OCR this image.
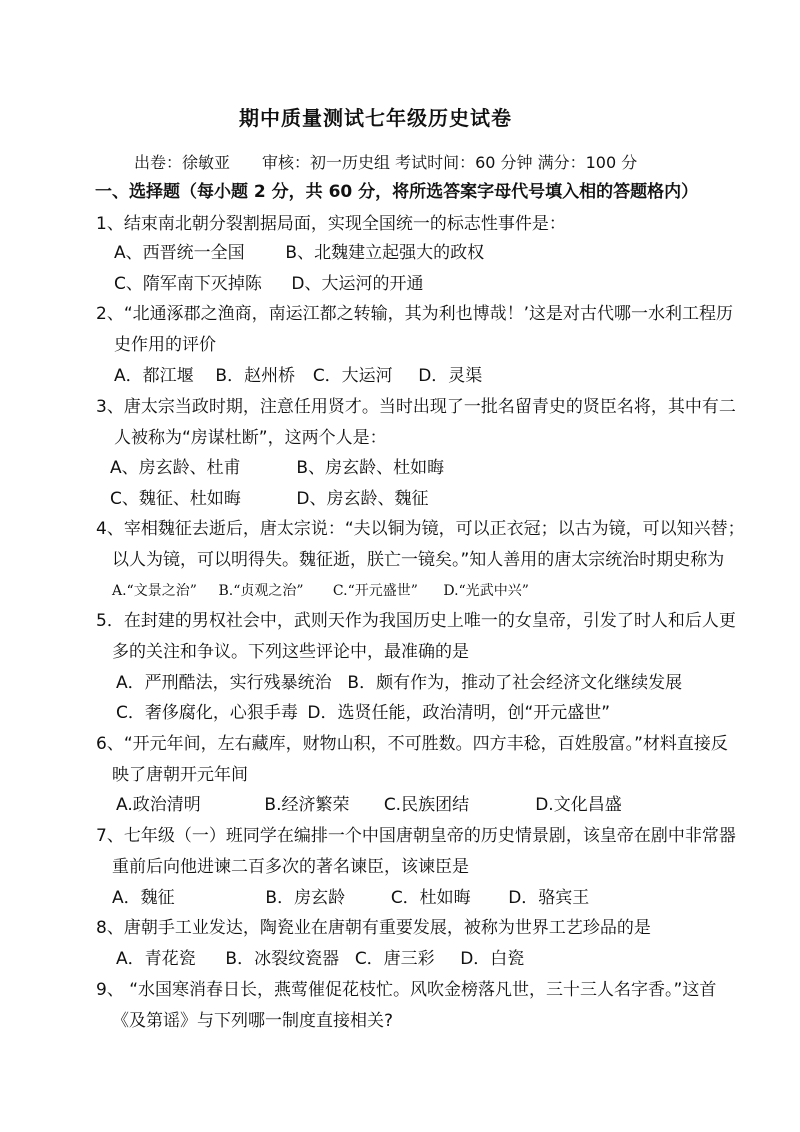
期中质量测试七年级历史试卷
出卷：徐敏亚　　审核：初一历史组 考试时间：60 分钟 满分：100 分
一、选择题（每小题 2 分，共 60 分，将所选答案字母代号填入相的答题格内）
1、结束南北朝分裂割据局面，实现全国统一的标志性事件是：
A、西晋统一全国 B、北魏建立起强大的政权
C、隋军南下灭掉陈 D、大运河的开通
2、“北通涿郡之渔商，南运江都之转输，其为利也博哉！’这是对古代哪一水利工程历
史作用的评价
A．都江堰 B．赵州桥 C．大运河 D．灵渠
3、唐太宗当政时期，注意任用贤才。当时出现了一批名留青史的贤臣名将，其中有二
人被称为“房谋杜断”，这两个人是：
A、房玄龄、杜甫	B、房玄龄、杜如晦
C、魏征、杜如晦	D、房玄龄、魏征
4、宰相魏征去逝后，唐太宗说：“夫以铜为镜，可以正衣冠；以古为镜，可以知兴替；
以人为镜，可以明得失。魏征逝，朕亡一镜矣。”知人善用的唐太宗统治时期史称为
A.“文景之治” B.“贞观之治” C.“开元盛世” D.“光武中兴”
5．在封建的男权社会中，武则天作为我国历史上唯一的女皇帝，引发了时人和后人更
多的关注和争议。下列这些评论中，最准确的是
A．严刑酷法，实行残暴统治 B．颇有作为，推动了社会经济文化继续发展
C．奢侈腐化，心狠手毒 D．选贤任能，政治清明，创“开元盛世”
6、“开元年间，左右藏库，财物山积，不可胜数。四方丰稔，百姓殷富。”材料直接反
映了唐朝开元年间
A.政治清明	B.经济繁荣 C.民族团结	D.文化昌盛
7、七年级（一）班同学在编排一个中国唐朝皇帝的历史情景剧，该皇帝在剧中非常器
重前后向他进谏二百多次的著名谏臣，该谏臣是
A．魏征	B．房玄龄	C．杜如晦 D．骆宾王
8、唐朝手工业发达，陶瓷业在唐朝有重要发展，被称为世界工艺珍品的是
A．青花瓷 B．冰裂纹瓷器 C．唐三彩 D．白瓷
9、 “水国寒消春日长，燕莺催促花枝忙。风吹金榜落凡世，三十三人名字香。”这首
《及第谣》与下列哪一制度直接相关?
